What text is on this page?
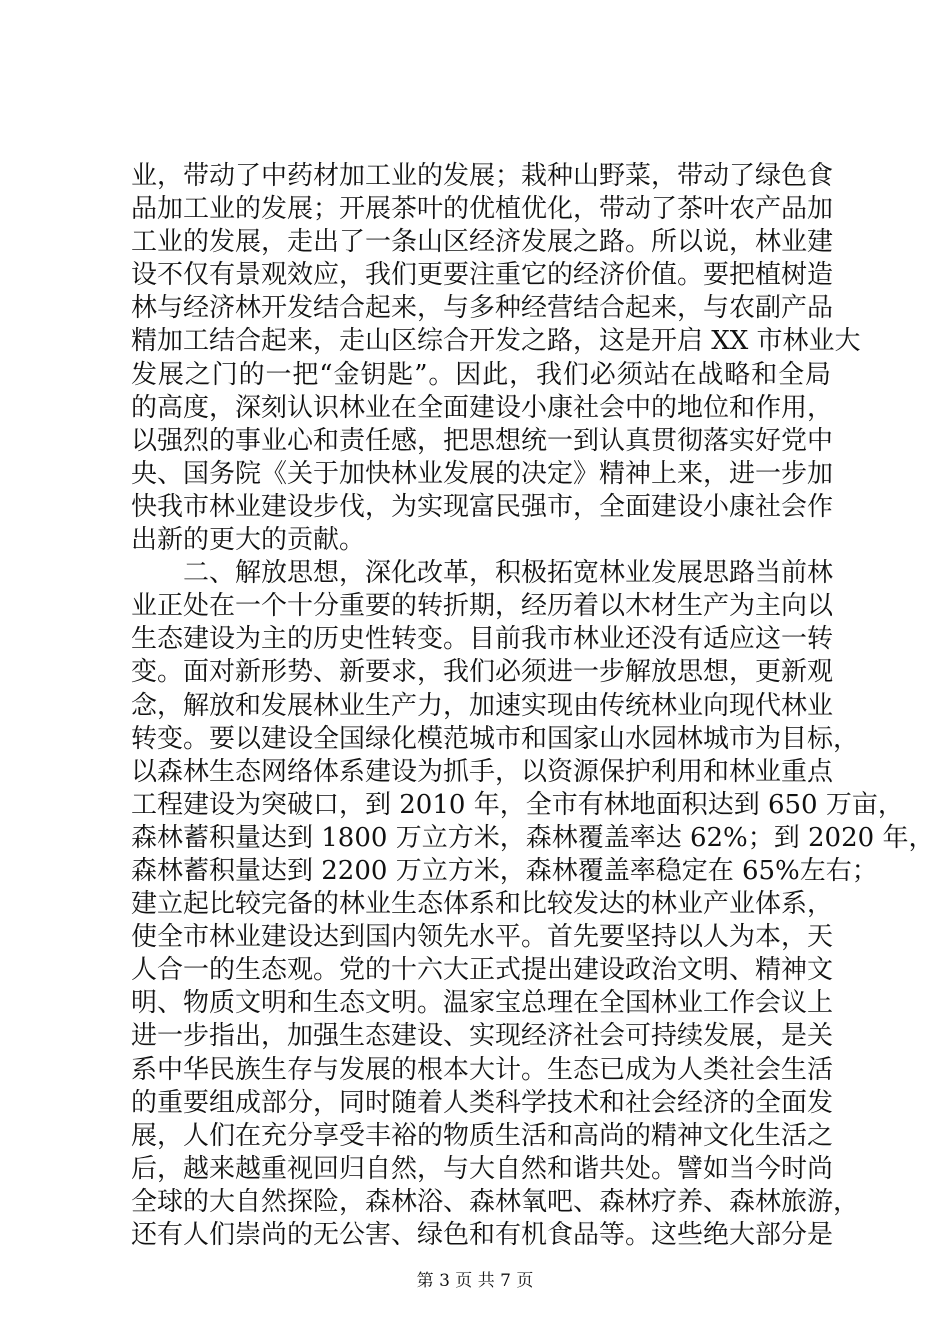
业，带动了中药材加工业的发展；栽种山野菜，带动了绿色食
品加工业的发展；开展茶叶的优植优化，带动了茶叶农产品加
工业的发展，走出了一条山区经济发展之路。所以说，林业建
设不仅有景观效应，我们更要注重它的经济价值。要把植树造
林与经济林开发结合起来，与多种经营结合起来，与农副产品
精加工结合起来，走山区综合开发之路，这是开启 XX 市林业大
发展之门的一把“金钥匙”。因此，我们必须站在战略和全局
的高度，深刻认识林业在全面建设小康社会中的地位和作用，
以强烈的事业心和责任感，把思想统一到认真贯彻落实好党中
央、国务院《关于加快林业发展的决定》精神上来，进一步加
快我市林业建设步伐，为实现富民强市，全面建设小康社会作
出新的更大的贡献。
　　二、解放思想，深化改革，积极拓宽林业发展思路当前林
业正处在一个十分重要的转折期，经历着以木材生产为主向以
生态建设为主的历史性转变。目前我市林业还没有适应这一转
变。面对新形势、新要求，我们必须进一步解放思想，更新观
念，解放和发展林业生产力，加速实现由传统林业向现代林业
转变。要以建设全国绿化模范城市和国家山水园林城市为目标，
以森林生态网络体系建设为抓手，以资源保护利用和林业重点
工程建设为突破口，到 2010 年，全市有林地面积达到 650 万亩，
森林蓄积量达到 1800 万立方米，森林覆盖率达 62%；到 2020 年，
森林蓄积量达到 2200 万立方米，森林覆盖率稳定在 65%左右；
建立起比较完备的林业生态体系和比较发达的林业产业体系，
使全市林业建设达到国内领先水平。首先要坚持以人为本，天
人合一的生态观。党的十六大正式提出建设政治文明、精神文
明、物质文明和生态文明。温家宝总理在全国林业工作会议上
进一步指出，加强生态建设、实现经济社会可持续发展，是关
系中华民族生存与发展的根本大计。生态已成为人类社会生活
的重要组成部分，同时随着人类科学技术和社会经济的全面发
展，人们在充分享受丰裕的物质生活和高尚的精神文化生活之
后，越来越重视回归自然，与大自然和谐共处。譬如当今时尚
全球的大自然探险，森林浴、森林氧吧、森林疗养、森林旅游，
还有人们崇尚的无公害、绿色和有机食品等。这些绝大部分是
第 3 页 共 7 页
